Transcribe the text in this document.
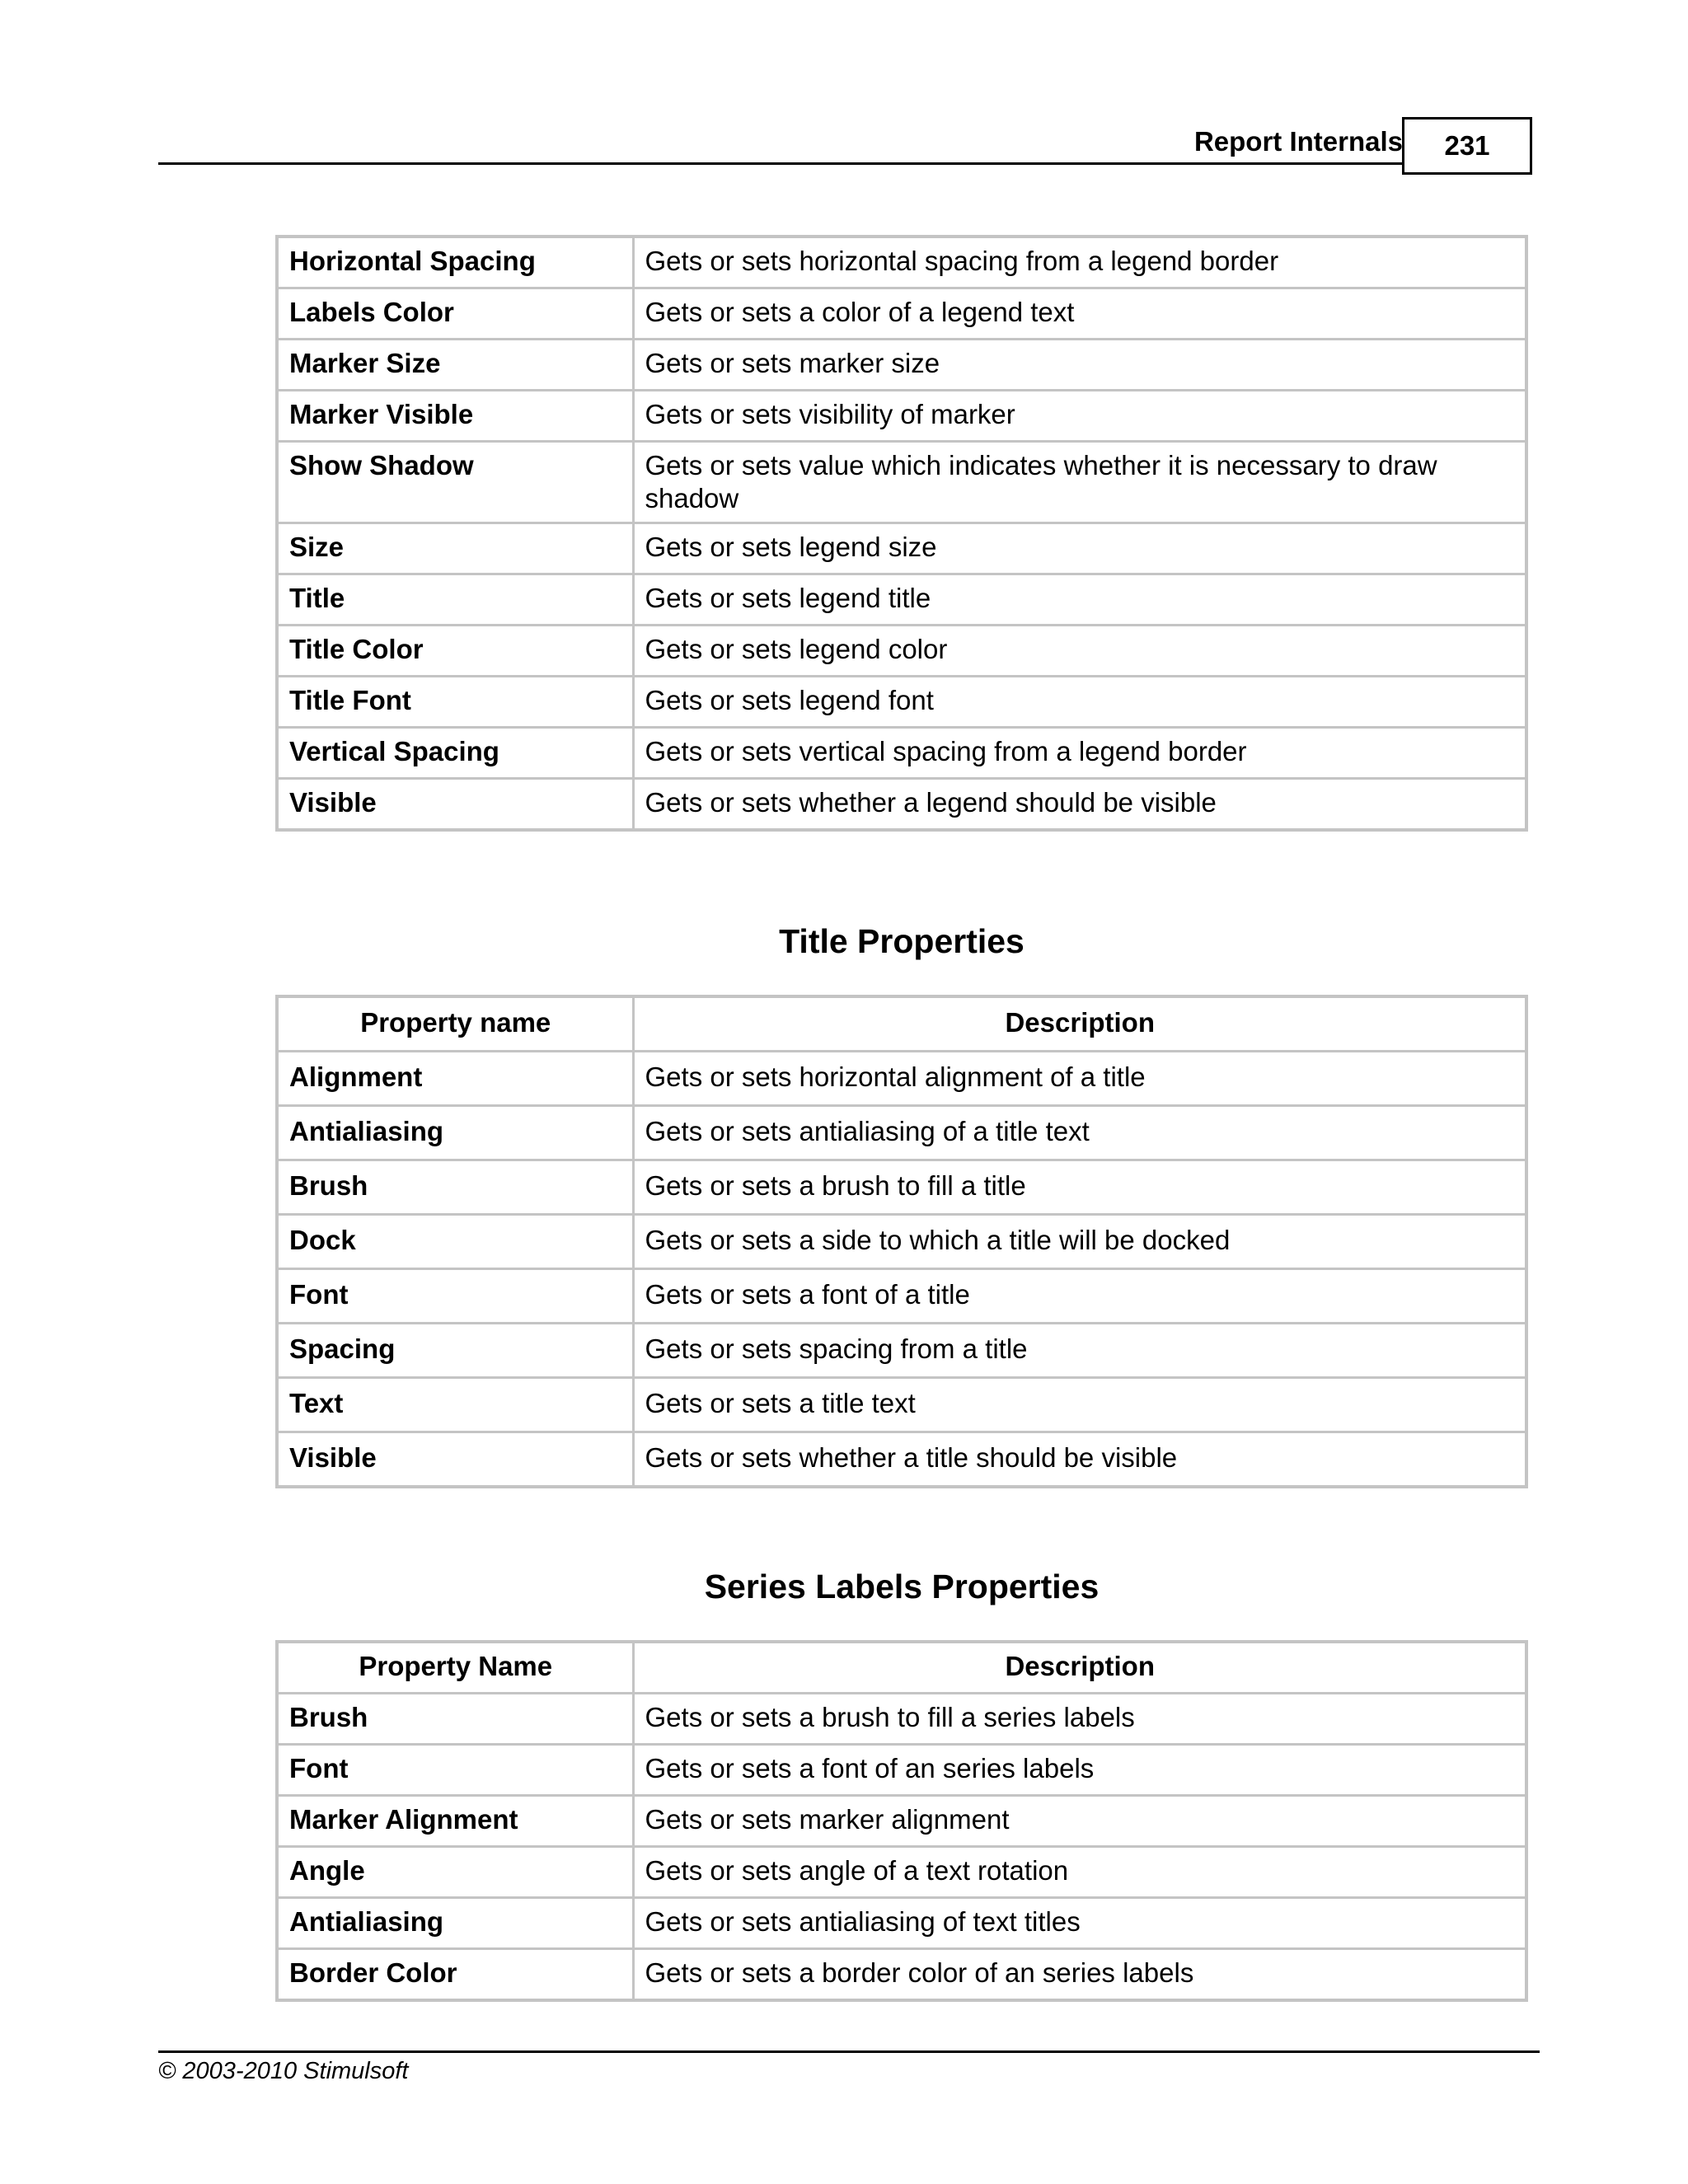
Report Internals	231
Horizontal Spacing	Gets or sets horizontal spacing from a legend border
Labels Color	Gets or sets a color of a legend text
Marker Size	Gets or sets marker size
Marker Visible	Gets or sets visibility of marker
Show Shadow	Gets or sets value which indicates whether it is necessary to draw shadow
Size	Gets or sets legend size
Title	Gets or sets legend title
Title Color	Gets or sets legend color
Title Font	Gets or sets legend font
Vertical Spacing	Gets or sets vertical spacing from a legend border
Visible	Gets or sets whether a legend should be visible
Title Properties
Property name	Description
Alignment	Gets or sets horizontal alignment of a title
Antialiasing	Gets or sets antialiasing of a title text
Brush	Gets or sets a brush to fill a title
Dock	Gets or sets a side to which a title will be docked
Font	Gets or sets a font of a title
Spacing	Gets or sets spacing from a title
Text	Gets or sets a title text
Visible	Gets or sets whether a title should be visible
Series Labels Properties
Property Name	Description
Brush	Gets or sets a brush to fill a series labels
Font	Gets or sets a font of an series labels
Marker Alignment	Gets or sets marker alignment
Angle	Gets or sets angle of a text rotation
Antialiasing	Gets or sets antialiasing of text titles
Border Color	Gets or sets a border color of an series labels
© 2003-2010 Stimulsoft
